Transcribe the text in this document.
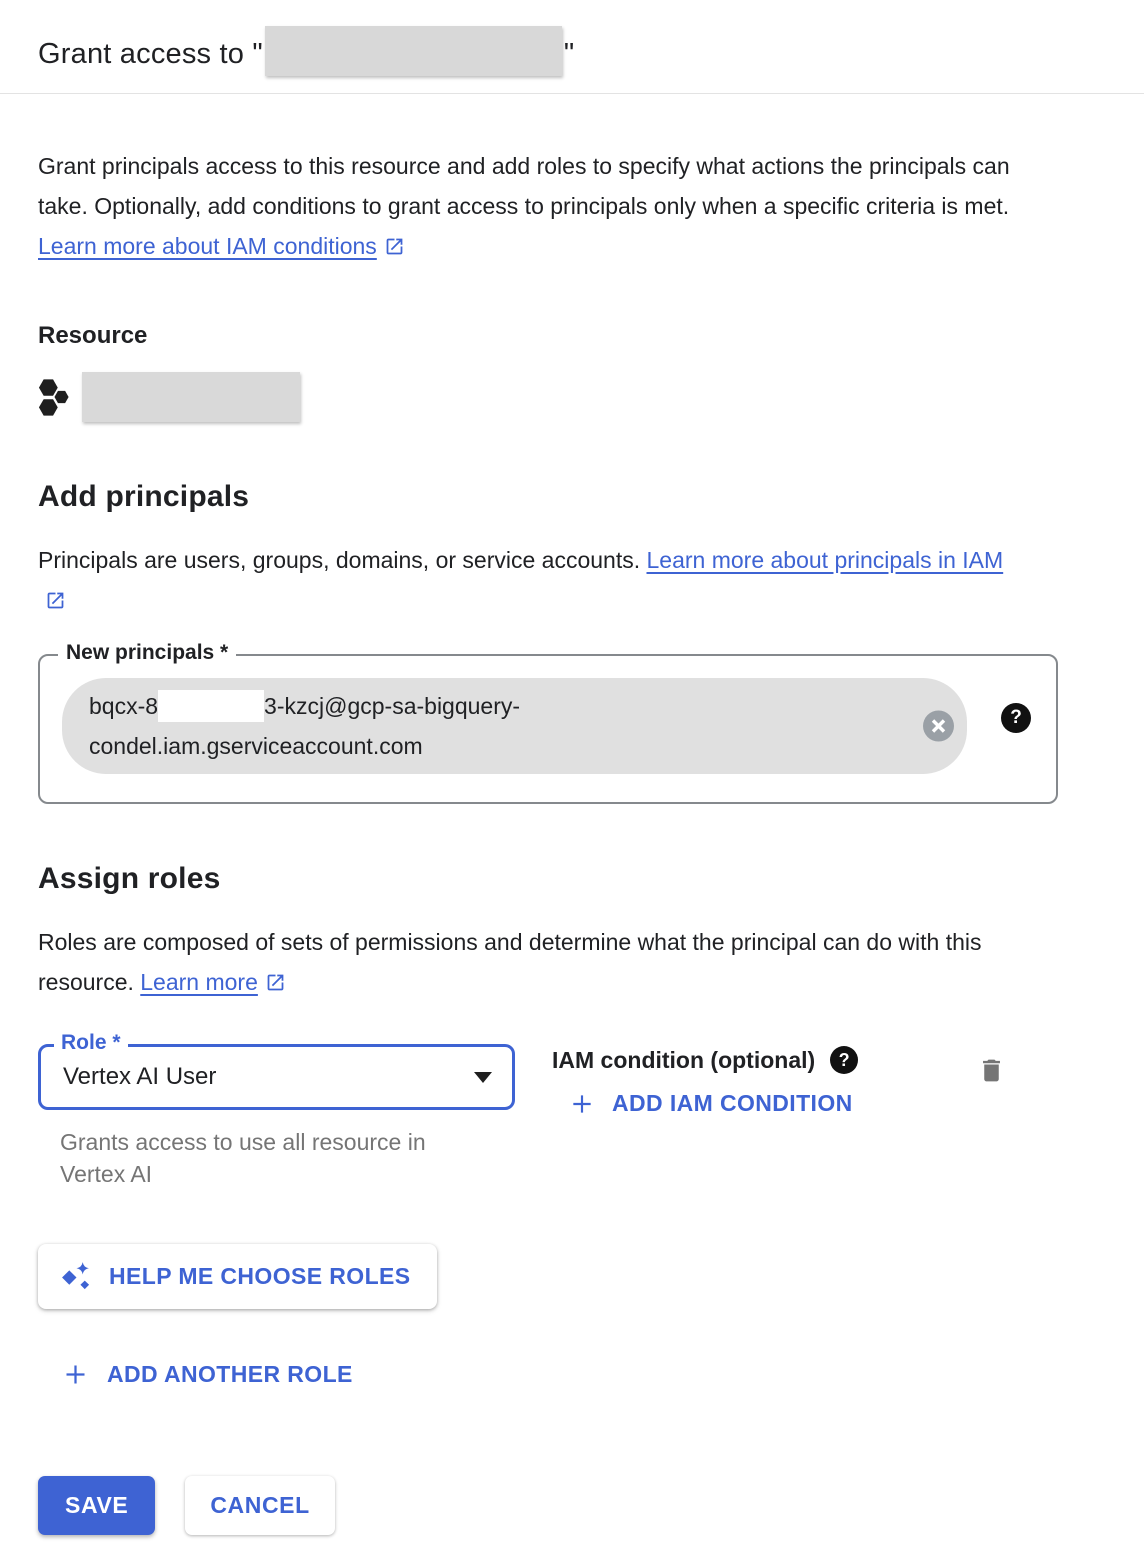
Grant access to "	"

Grant principals access to this resource and add roles to specify what actions the principals can take. Optionally, add conditions to grant access to principals only when a specific criteria is met. Learn more about IAM conditions

Resource
Add principals

Principals are users, groups, domains, or service accounts. Learn more about principals in IAM

New principals *
bqcx-8	3-kzcj@gcp-sa-bigquery-
condel.iam.gserviceaccount.com
?
Assign roles

Roles are composed of sets of permissions and determine what the principal can do with this resource. Learn more

Role *
Vertex AI User
Grants access to use all resource in Vertex AI
IAM condition (optional)	?
ADD IAM CONDITION
HELP ME CHOOSE ROLES
ADD ANOTHER ROLE
SAVE	CANCEL
